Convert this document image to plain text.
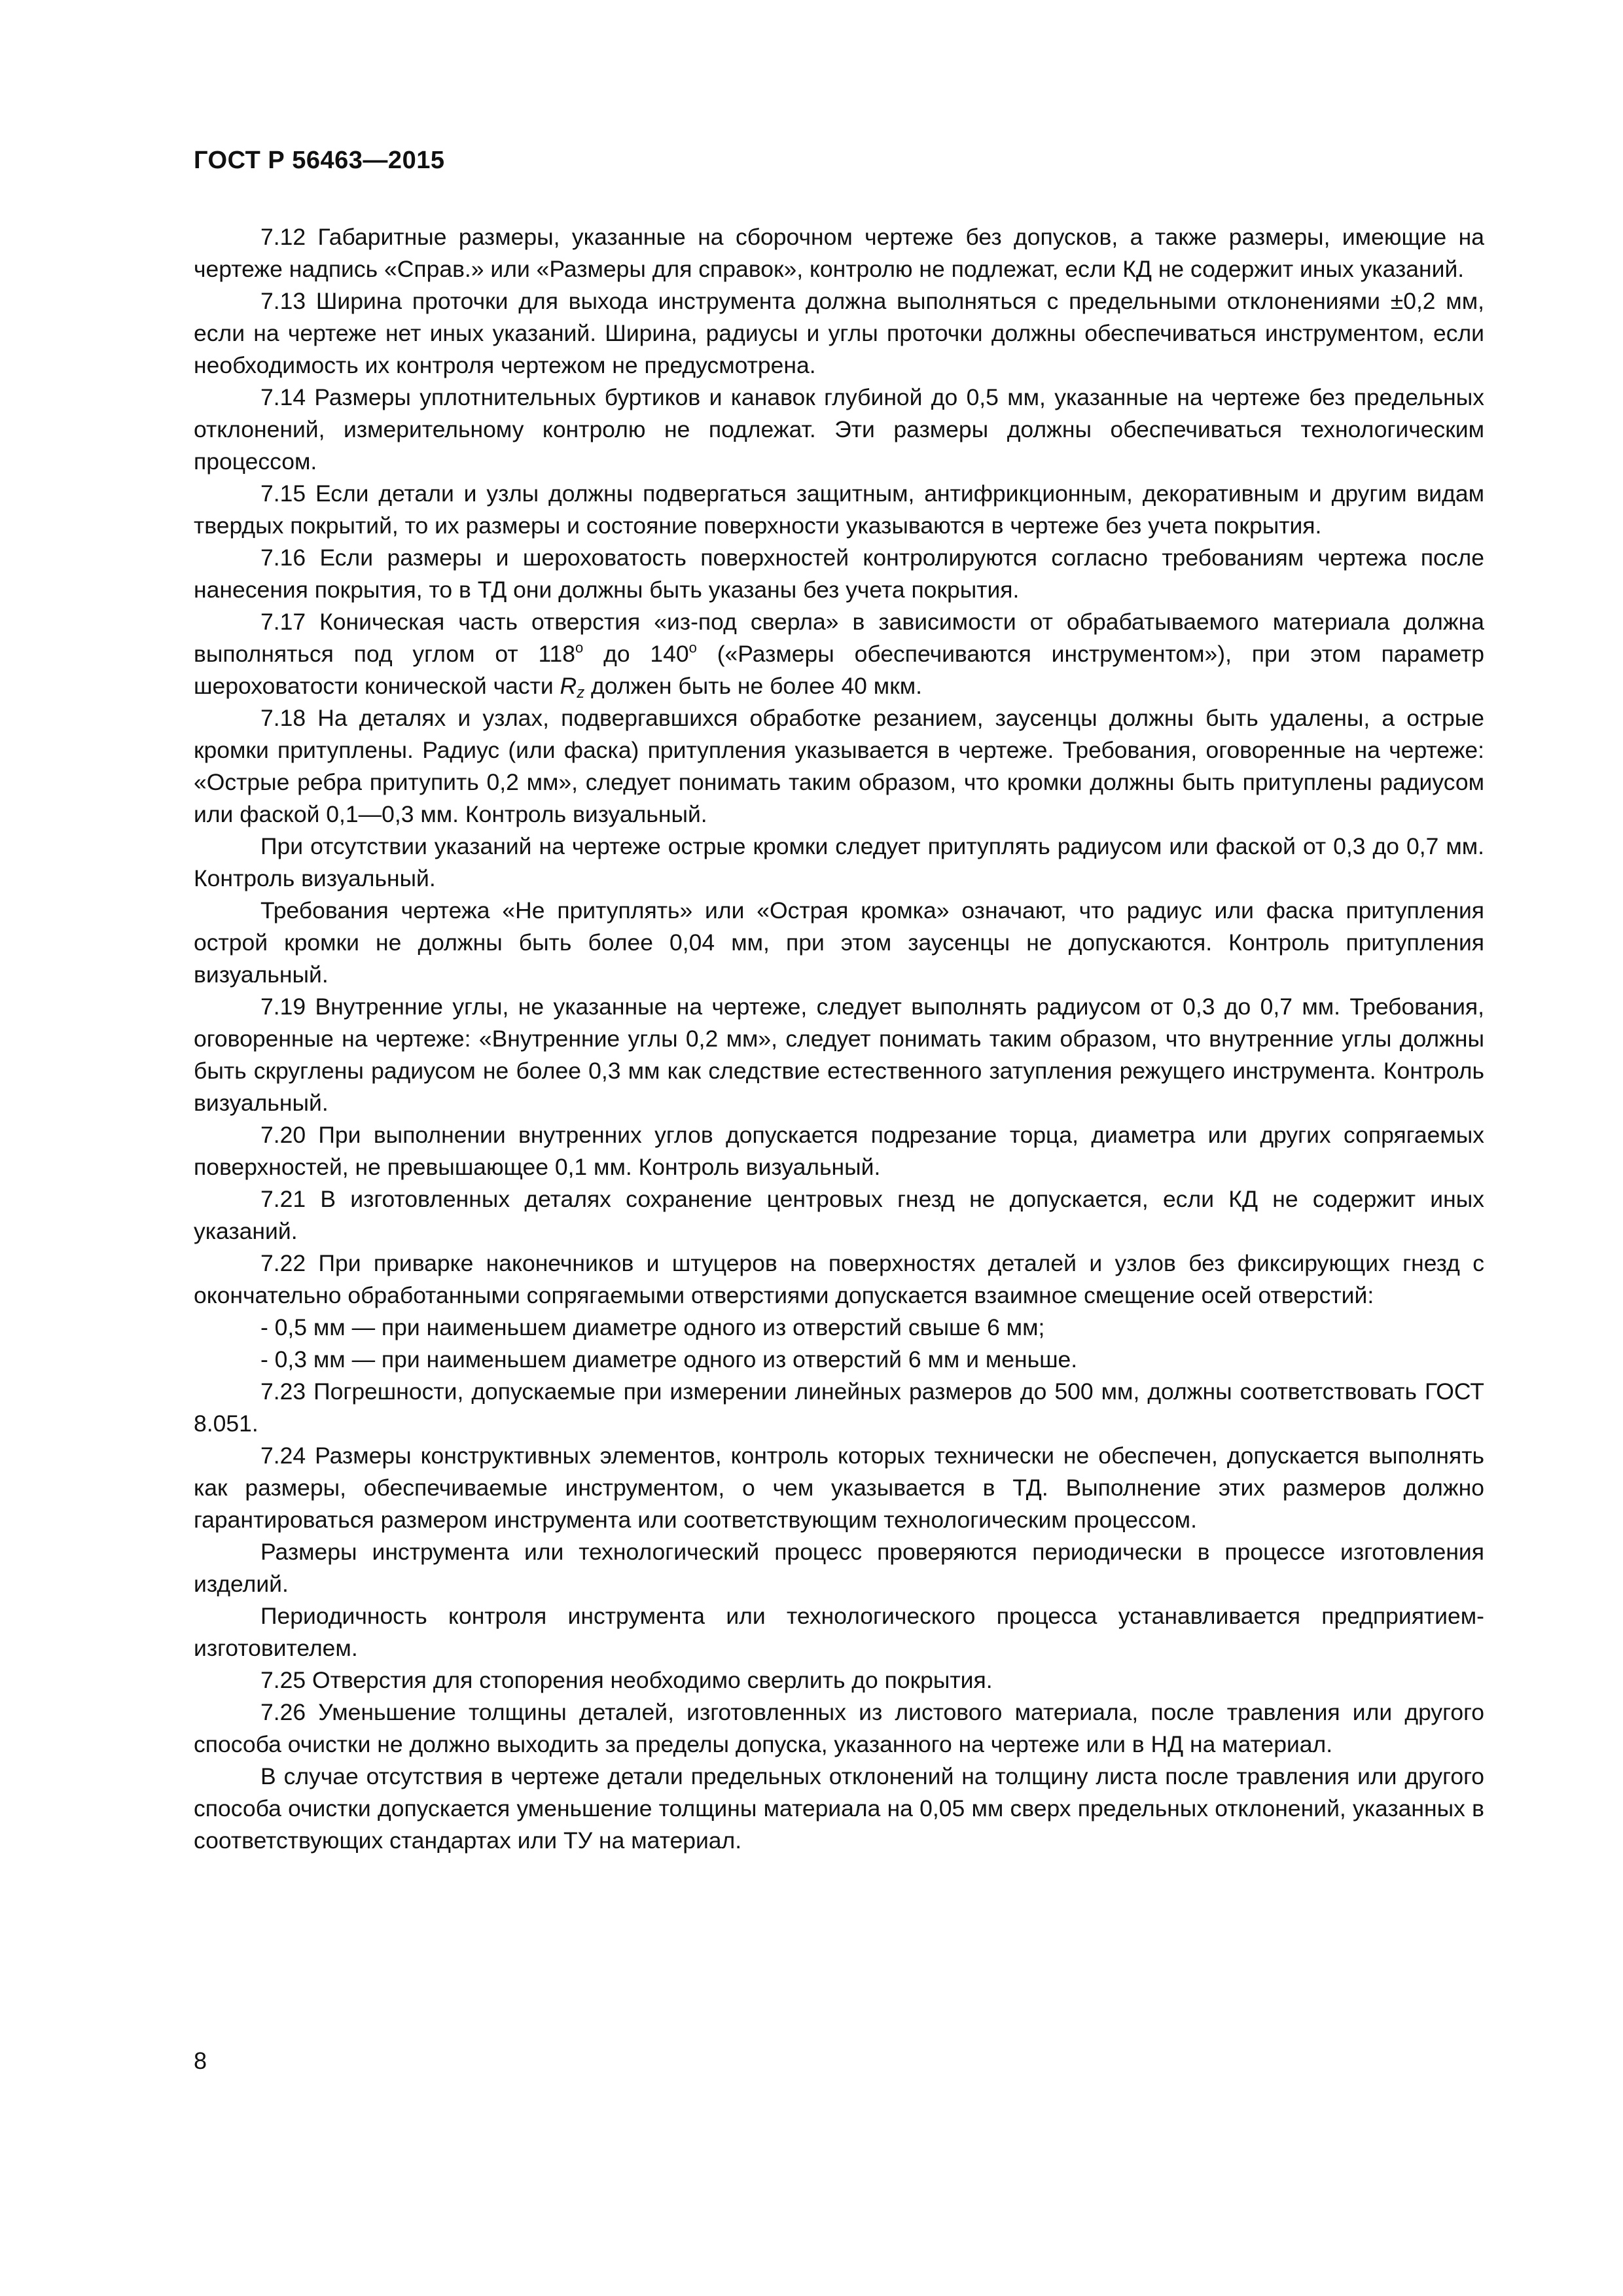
ГОСТ Р 56463—2015

7.12 Габаритные размеры, указанные на сборочном чертеже без допусков, а также размеры, имеющие на чертеже надпись «Справ.» или «Размеры для справок», контролю не подлежат, если КД не содержит иных указаний.

7.13 Ширина проточки для выхода инструмента должна выполняться с предельными отклонениями ±0,2 мм, если на чертеже нет иных указаний. Ширина, радиусы и углы проточки должны обеспечиваться инструментом, если необходимость их контроля чертежом не предусмотрена.

7.14 Размеры уплотнительных буртиков и канавок глубиной до 0,5 мм, указанные на чертеже без предельных отклонений, измерительному контролю не подлежат. Эти размеры должны обеспечиваться технологическим процессом.

7.15 Если детали и узлы должны подвергаться защитным, антифрикционным, декоративным и другим видам твердых покрытий, то их размеры и состояние поверхности указываются в чертеже без учета покрытия.

7.16 Если размеры и шероховатость поверхностей контролируются согласно требованиям чертежа после нанесения покрытия, то в ТД они должны быть указаны без учета покрытия.

7.17 Коническая часть отверстия «из-под сверла» в зависимости от обрабатываемого материала должна выполняться под углом от $118^о$ до $140^о$ («Размеры обеспечиваются инструментом»), при этом параметр шероховатости конической части $R_z$ должен быть не более 40 мкм.

7.18 На деталях и узлах, подвергавшихся обработке резанием, заусенцы должны быть удалены, а острые кромки притуплены. Радиус (или фаска) притупления указывается в чертеже. Требования, оговоренные на чертеже: «Острые ребра притупить 0,2 мм», следует понимать таким образом, что кромки должны быть притуплены радиусом или фаской 0,1—0,3 мм. Контроль визуальный.

При отсутствии указаний на чертеже острые кромки следует притуплять радиусом или фаской от 0,3 до 0,7 мм. Контроль визуальный.

Требования чертежа «Не притуплять» или «Острая кромка» означают, что радиус или фаска притупления острой кромки не должны быть более 0,04 мм, при этом заусенцы не допускаются. Контроль притупления визуальный.

7.19 Внутренние углы, не указанные на чертеже, следует выполнять радиусом от 0,3 до 0,7 мм. Требования, оговоренные на чертеже: «Внутренние углы 0,2 мм», следует понимать таким образом, что внутренние углы должны быть скруглены радиусом не более 0,3 мм как следствие естественного затупления режущего инструмента. Контроль визуальный.

7.20 При выполнении внутренних углов допускается подрезание торца, диаметра или других сопрягаемых поверхностей, не превышающее 0,1 мм. Контроль визуальный.

7.21 В изготовленных деталях сохранение центровых гнезд не допускается, если КД не содержит иных указаний.

7.22 При приварке наконечников и штуцеров на поверхностях деталей и узлов без фиксирующих гнезд с окончательно обработанными сопрягаемыми отверстиями допускается взаимное смещение осей отверстий:

- 0,5 мм — при наименьшем диаметре одного из отверстий свыше 6 мм;

- 0,3 мм — при наименьшем диаметре одного из отверстий 6 мм и меньше.

7.23 Погрешности, допускаемые при измерении линейных размеров до 500 мм, должны соответствовать ГОСТ 8.051.

7.24 Размеры конструктивных элементов, контроль которых технически не обеспечен, допускается выполнять как размеры, обеспечиваемые инструментом, о чем указывается в ТД. Выполнение этих размеров должно гарантироваться размером инструмента или соответствующим технологическим процессом.

Размеры инструмента или технологический процесс проверяются периодически в процессе изготовления изделий.

Периодичность контроля инструмента или технологического процесса устанавливается предприятием-изготовителем.

7.25 Отверстия для стопорения необходимо сверлить до покрытия.

7.26 Уменьшение толщины деталей, изготовленных из листового материала, после травления или другого способа очистки не должно выходить за пределы допуска, указанного на чертеже или в НД на материал.

В случае отсутствия в чертеже детали предельных отклонений на толщину листа после травления или другого способа очистки допускается уменьшение толщины материала на 0,05 мм сверх предельных отклонений, указанных в соответствующих стандартах или ТУ на материал.

8
